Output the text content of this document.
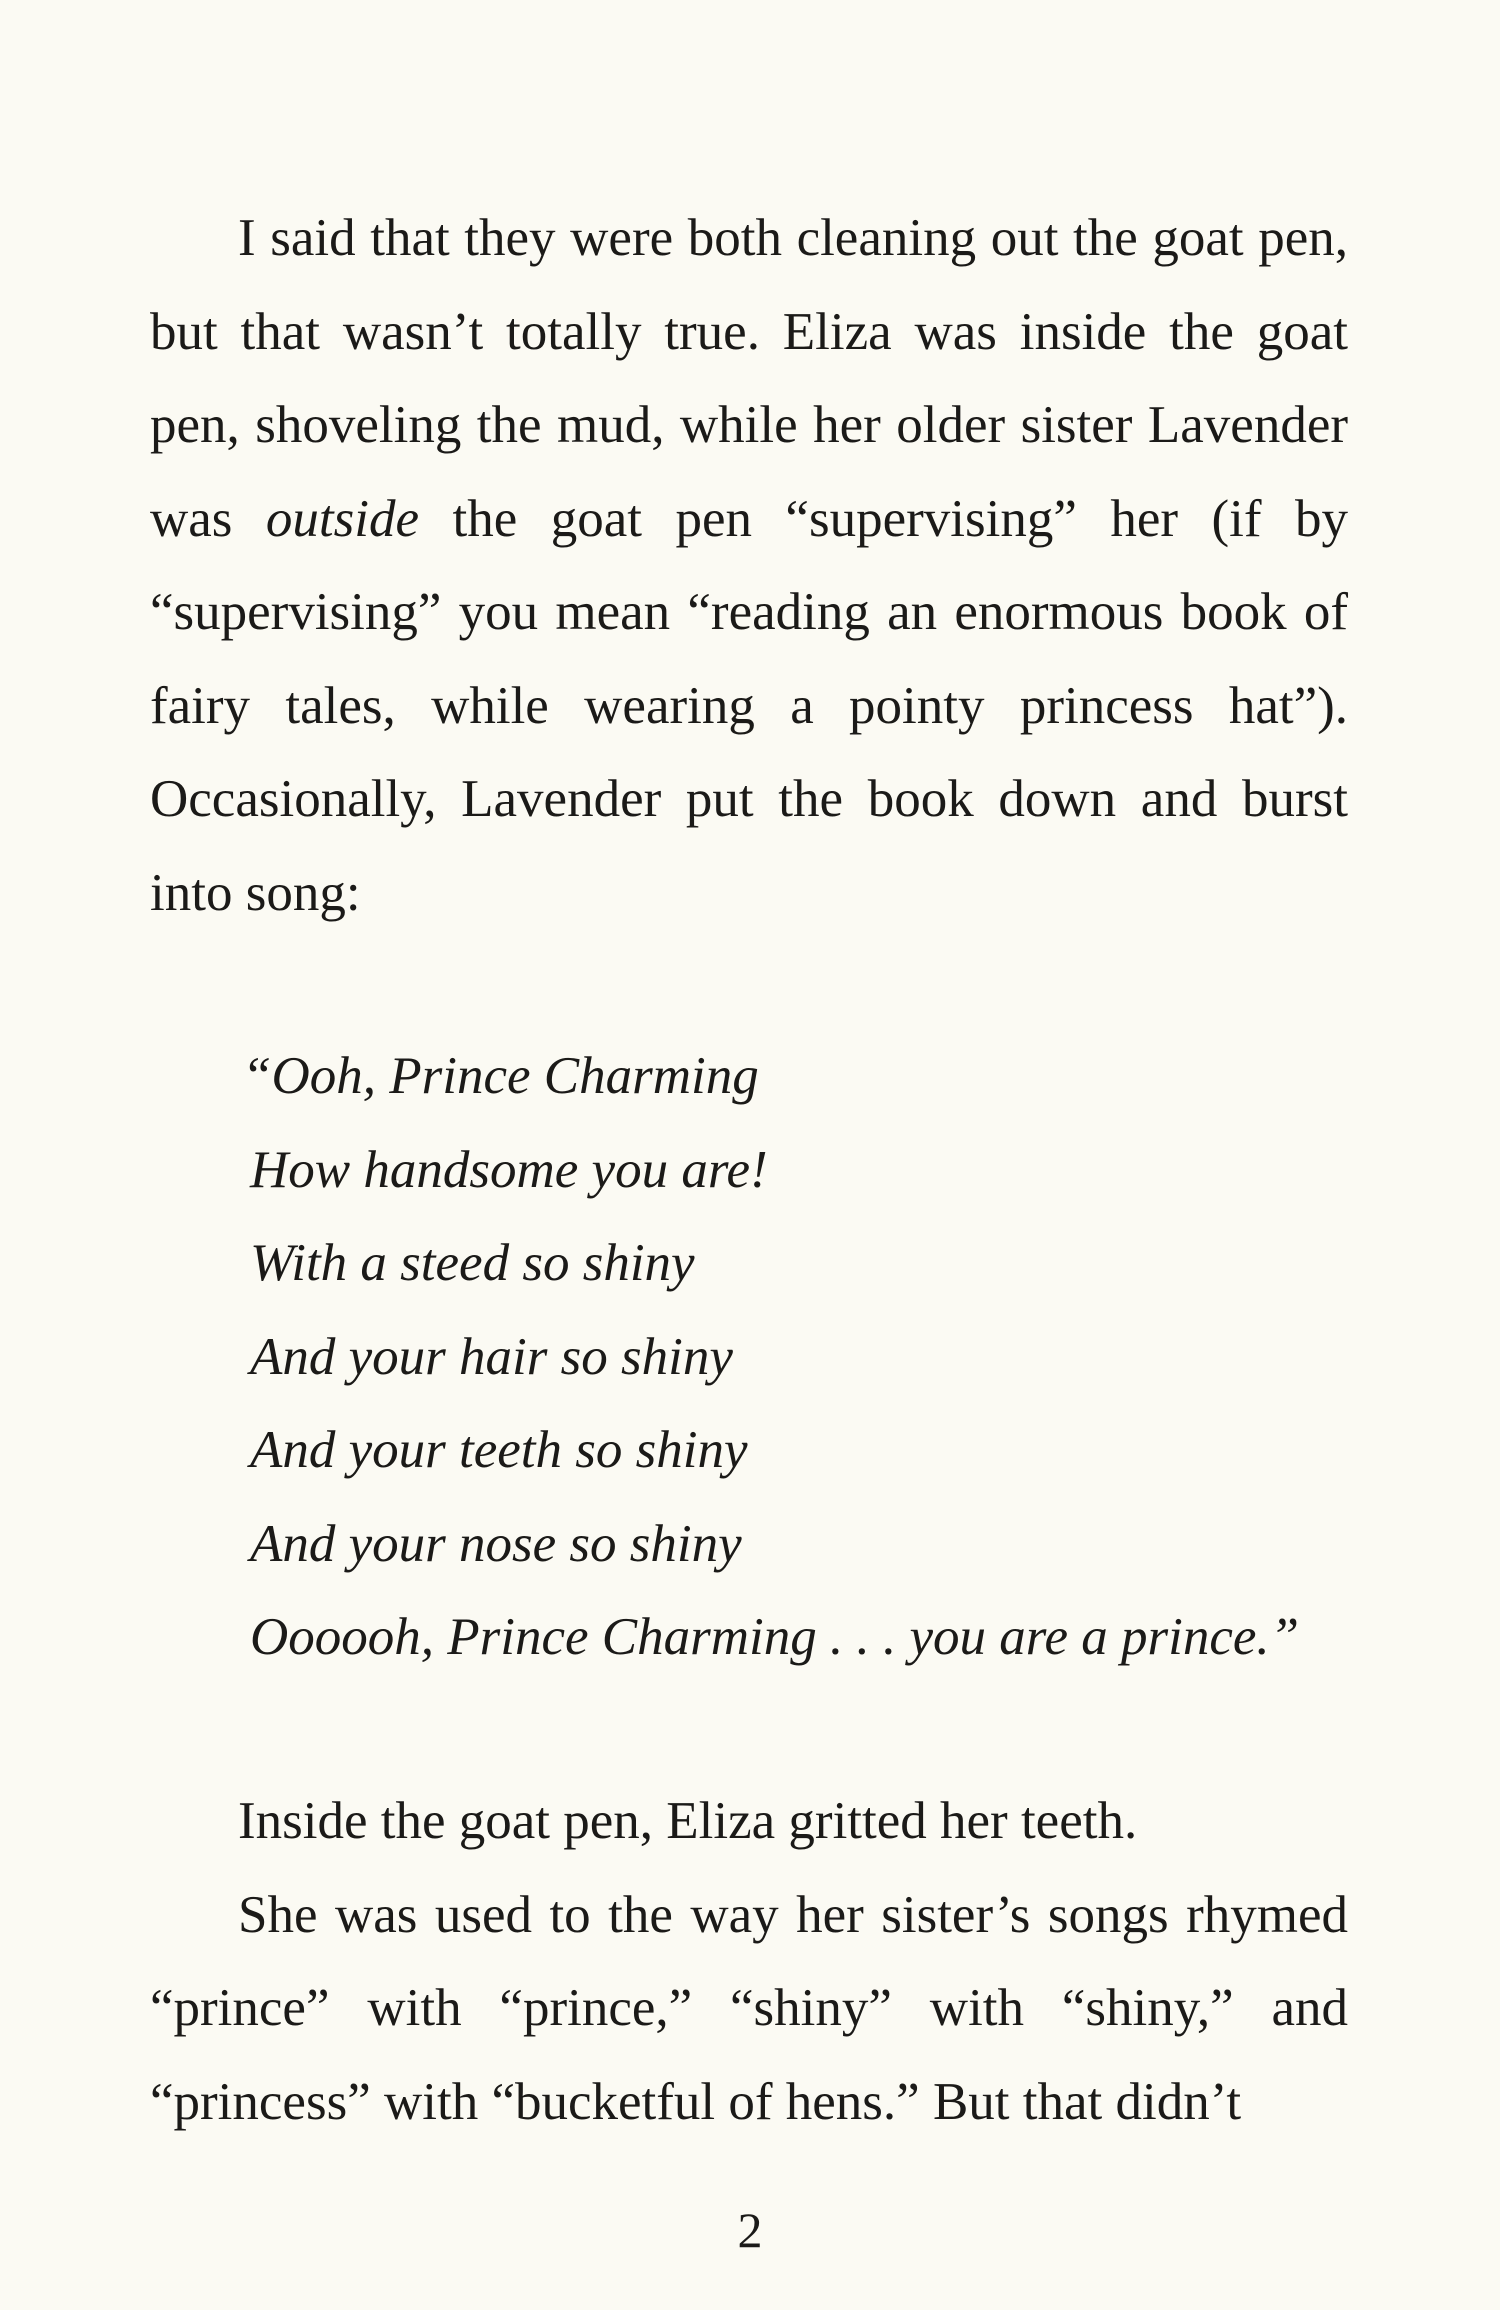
I said that they were both cleaning out the goat pen, but that wasn’t totally true. Eliza was inside the goat pen, shoveling the mud, while her older sister Lavender was outside the goat pen “supervising” her (if by “supervising” you mean “reading an enormous book of fairy tales, while wearing a pointy princess hat”). Occasionally, Lavender put the book down and burst into song:

“Ooh, Prince Charming
How handsome you are!
With a steed so shiny
And your hair so shiny
And your teeth so shiny
And your nose so shiny
Oooooh, Prince Charming . . . you are a prince.”

Inside the goat pen, Eliza gritted her teeth.

She was used to the way her sister’s songs rhymed “prince” with “prince,” “shiny” with “shiny,” and “princess” with “bucketful of hens.” But that didn’t

2
